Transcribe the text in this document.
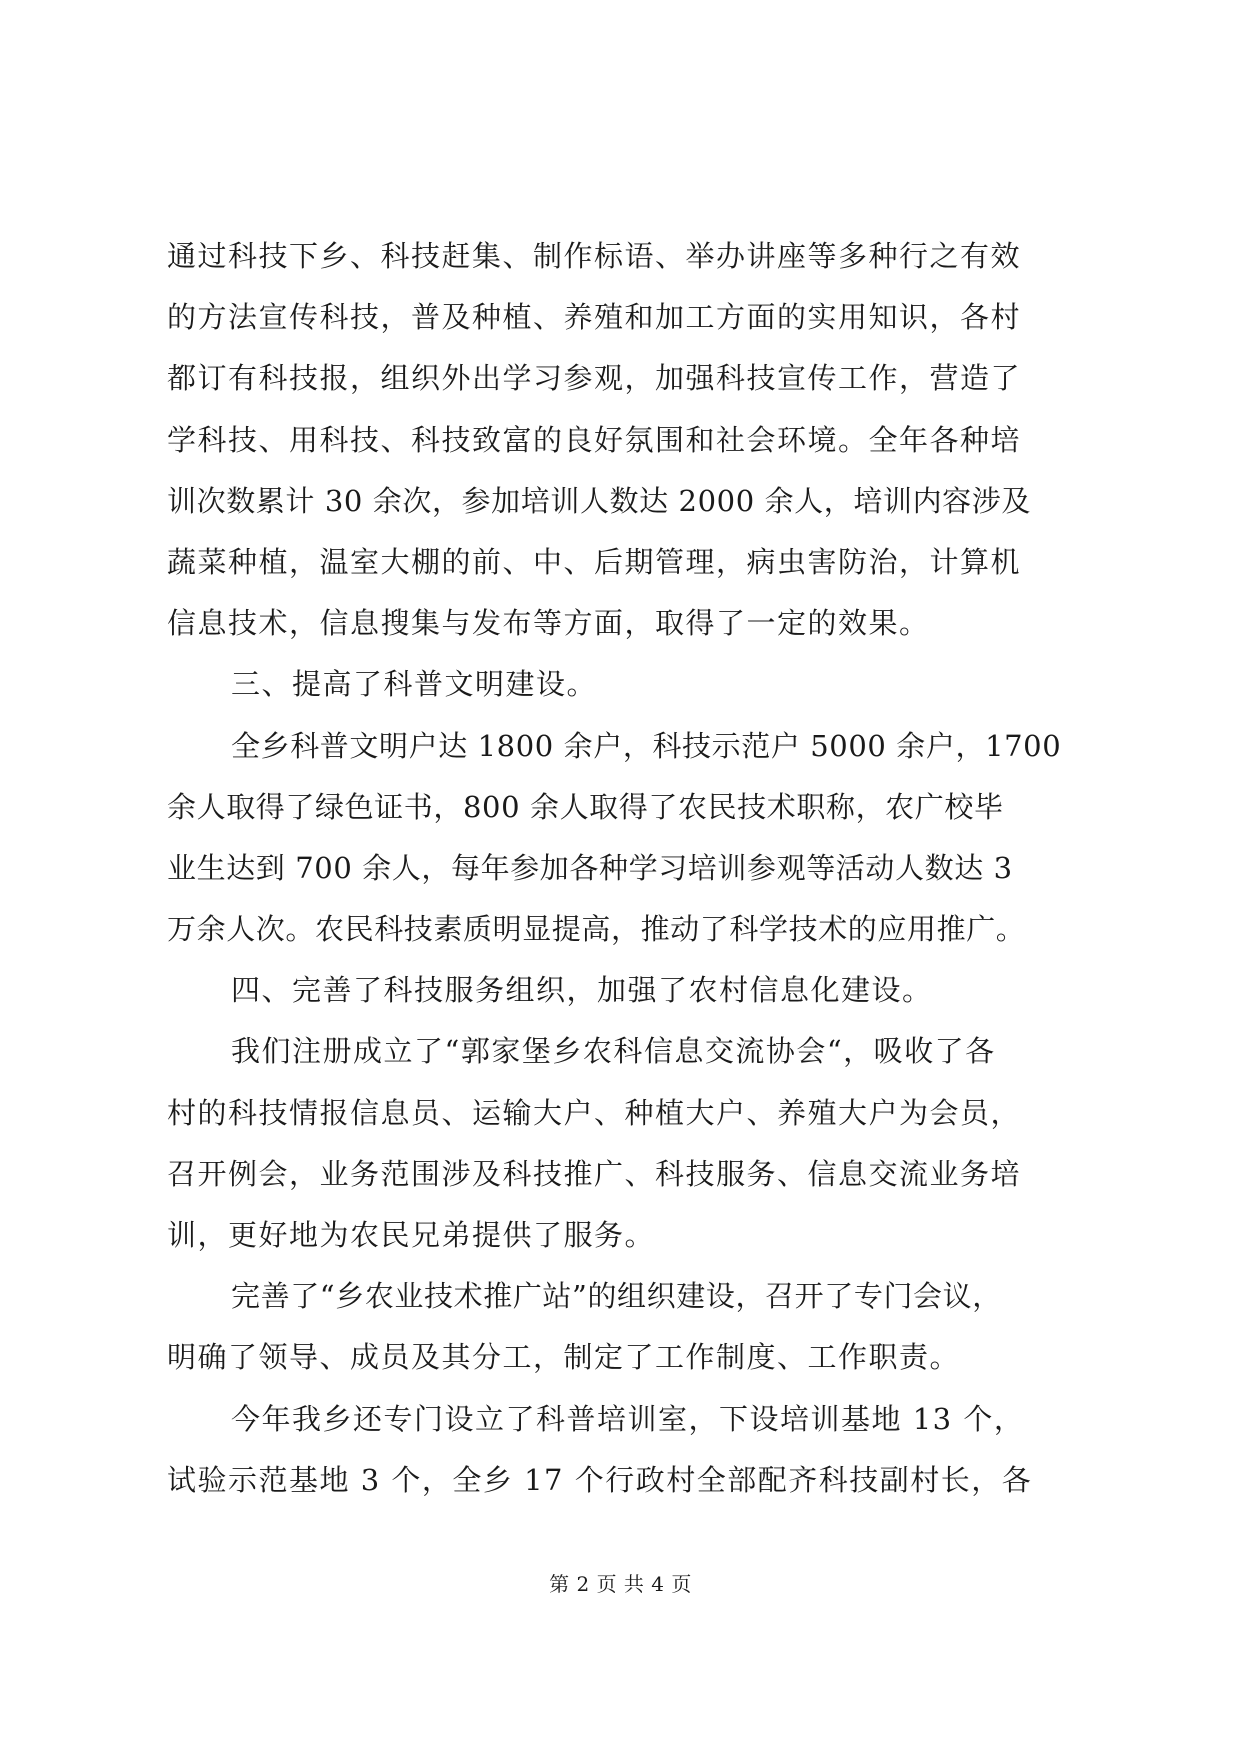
通过科技下乡、科技赶集、制作标语、举办讲座等多种行之有效
的方法宣传科技，普及种植、养殖和加工方面的实用知识，各村
都订有科技报，组织外出学习参观，加强科技宣传工作，营造了
学科技、用科技、科技致富的良好氛围和社会环境。全年各种培
训次数累计 30 余次，参加培训人数达 2000 余人，培训内容涉及
蔬菜种植，温室大棚的前、中、后期管理，病虫害防治，计算机
信息技术，信息搜集与发布等方面，取得了一定的效果。
三、提高了科普文明建设。
全乡科普文明户达 1800 余户，科技示范户 5000 余户，1700
余人取得了绿色证书，800 余人取得了农民技术职称，农广校毕
业生达到 700 余人，每年参加各种学习培训参观等活动人数达 3
万余人次。农民科技素质明显提高，推动了科学技术的应用推广。
四、完善了科技服务组织，加强了农村信息化建设。
我们注册成立了“郭家堡乡农科信息交流协会“，吸收了各
村的科技情报信息员、运输大户、种植大户、养殖大户为会员，
召开例会，业务范围涉及科技推广、科技服务、信息交流业务培
训，更好地为农民兄弟提供了服务。
完善了“乡农业技术推广站”的组织建设，召开了专门会议，
明确了领导、成员及其分工，制定了工作制度、工作职责。
今年我乡还专门设立了科普培训室，下设培训基地 13 个，
试验示范基地 3 个，全乡 17 个行政村全部配齐科技副村长，各
第 2 页 共 4 页
